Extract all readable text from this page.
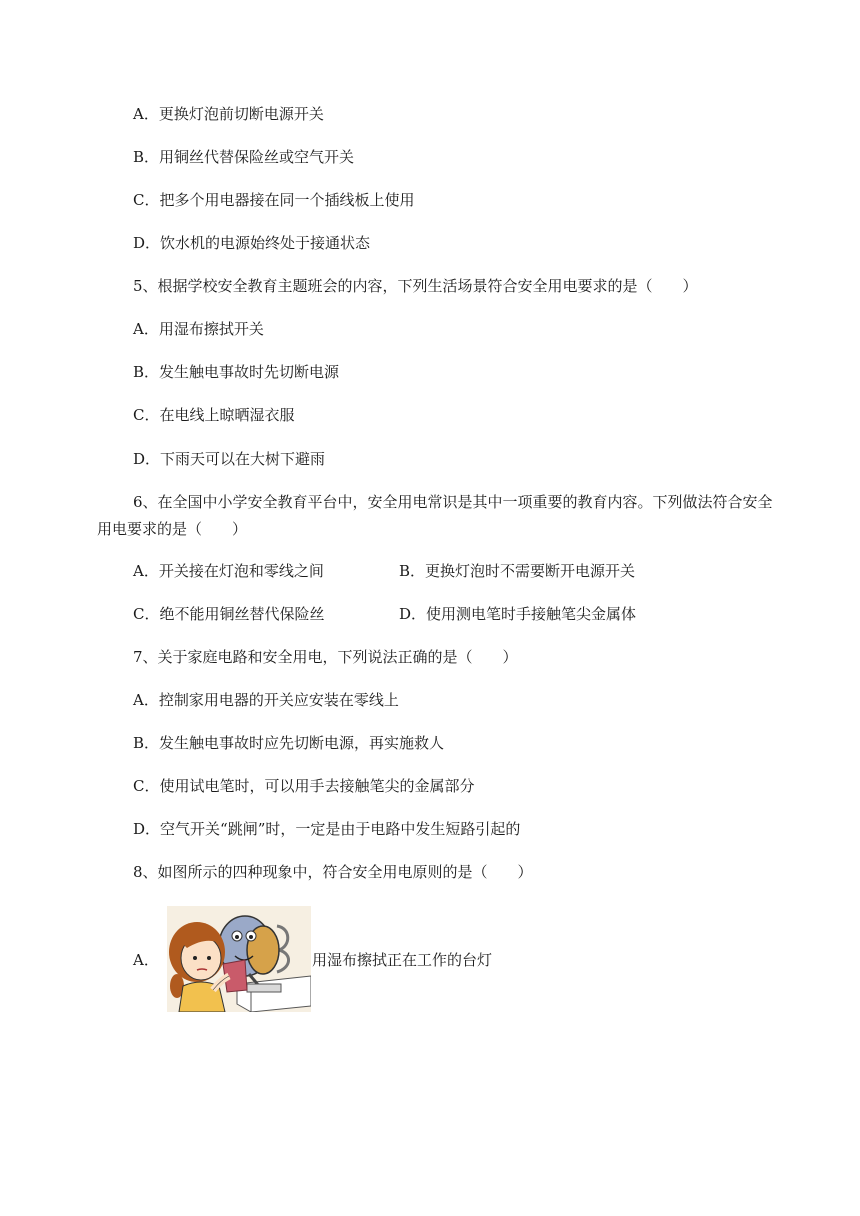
A．更换灯泡前切断电源开关
B．用铜丝代替保险丝或空气开关
C．把多个用电器接在同一个插线板上使用
D．饮水机的电源始终处于接通状态
5、根据学校安全教育主题班会的内容，下列生活场景符合安全用电要求的是（　　）
A．用湿布擦拭开关
B．发生触电事故时先切断电源
C．在电线上晾晒湿衣服
D．下雨天可以在大树下避雨
6、在全国中小学安全教育平台中，安全用电常识是其中一项重要的教育内容。下列做法符合安全
用电要求的是（　　）
A．开关接在灯泡和零线之间	B．更换灯泡时不需要断开电源开关
C．绝不能用铜丝替代保险丝	D．使用测电笔时手接触笔尖金属体
7、关于家庭电路和安全用电，下列说法正确的是（　　）
A．控制家用电器的开关应安装在零线上
B．发生触电事故时应先切断电源，再实施救人
C．使用试电笔时，可以用手去接触笔尖的金属部分
D．空气开关“跳闸”时，一定是由于电路中发生短路引起的
8、如图所示的四种现象中，符合安全用电原则的是（　　）
A．	用湿布擦拭正在工作的台灯
